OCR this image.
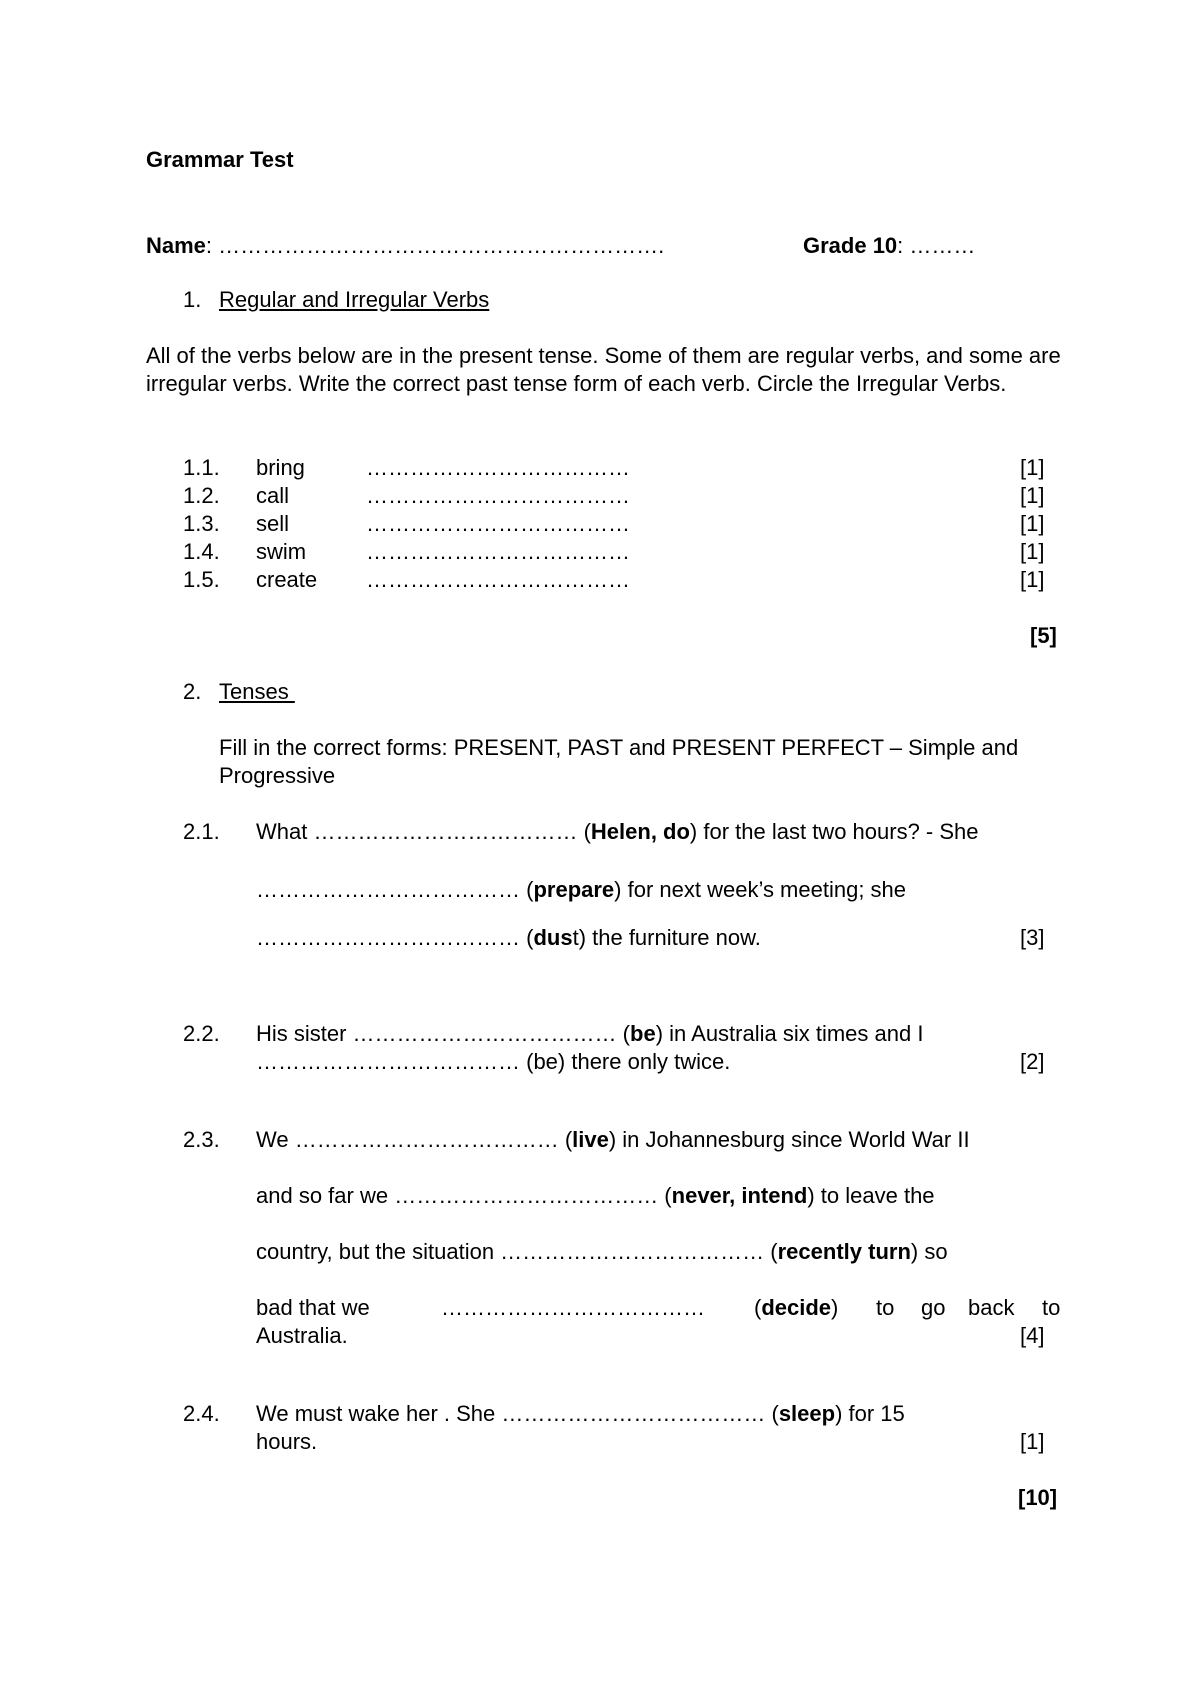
Grammar Test
Name: …………………………………………………….	Grade 10: ………
1. Regular and Irregular Verbs
All of the verbs below are in the present tense. Some of them are regular verbs, and some are irregular verbs. Write the correct past tense form of each verb. Circle the Irregular Verbs.
1.1. bring	………………………………	[1]
1.2. call	………………………………	[1]
1.3. sell	………………………………	[1]
1.4. swim	………………………………	[1]
1.5. create ………………………………	[1]
[5]
2. Tenses
Fill in the correct forms: PRESENT, PAST and PRESENT PERFECT – Simple and Progressive
2.1. What ……………………………… (Helen, do) for the last two hours? - She
……………………………… (prepare) for next week’s meeting; she
……………………………… (dust) the furniture now.	[3]
2.2. His sister ……………………………… (be) in Australia six times and I
……………………………… (be) there only twice.	[2]
2.3. We ……………………………… (live) in Johannesburg since World War II
and so far we ……………………………… (never, intend) to leave the
country, but the situation ……………………………… (recently turn) so
bad that we	……………………………… (decide) to go back to
Australia.	[4]
2.4. We must wake her . She ……………………………… (sleep) for 15
hours.	[1]
[10]
